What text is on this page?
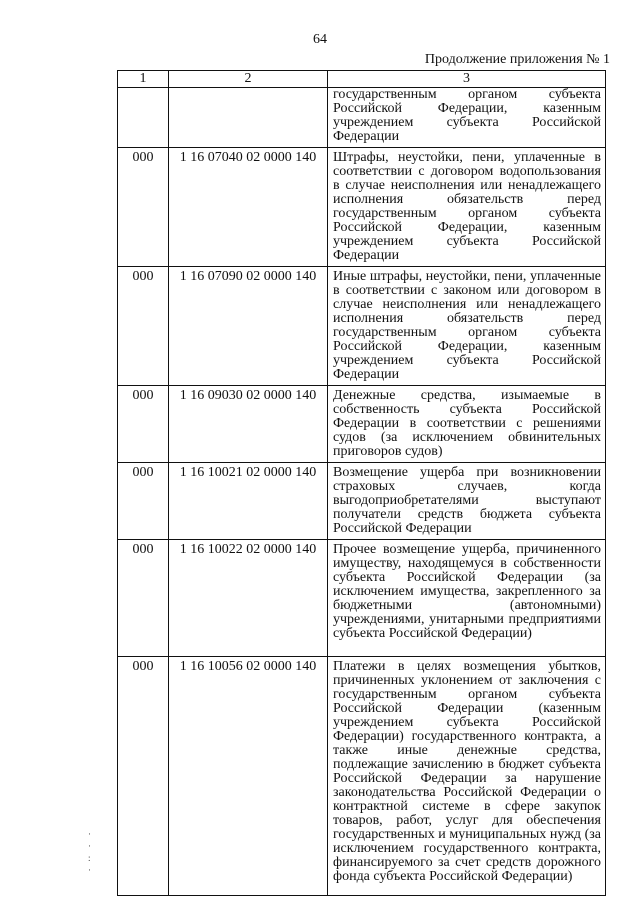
64
Продолжение приложения № 1
1	2	3
		государственным органом субъекта Российской Федерации, казенным учреждением субъекта Российской Федерации
000	1 16 07040 02 0000 140	Штрафы, неустойки, пени, уплаченные в соответствии с договором водопользования в случае неисполнения или ненадлежащего исполнения обязательств перед государственным органом субъекта Российской Федерации, казенным учреждением субъекта Российской Федерации
000	1 16 07090 02 0000 140	Иные штрафы, неустойки, пени, уплаченные в соответствии с законом или договором в случае неисполнения или ненадлежащего исполнения обязательств перед государственным органом субъекта Российской Федерации, казенным учреждением субъекта Российской Федерации
000	1 16 09030 02 0000 140	Денежные средства, изымаемые в собственность субъекта Российской Федерации в соответствии с решениями судов (за исключением обвинительных приговоров судов)
000	1 16 10021 02 0000 140	Возмещение ущерба при возникновении страховых случаев, когда выгодоприобретателями выступают получатели средств бюджета субъекта Российской Федерации
000	1 16 10022 02 0000 140	Прочее возмещение ущерба, причиненного имуществу, находящемуся в собственности субъекта Российской Федерации (за исключением имущества, закрепленного за бюджетными (автономными) учреждениями, унитарными предприятиями субъекта Российской Федерации)
000	1 16 10056 02 0000 140	Платежи в целях возмещения убытков, причиненных уклонением от заключения с государственным органом субъекта Российской Федерации (казенным учреждением субъекта Российской Федерации) государственного контракта, а также иные денежные средства, подлежащие зачислению в бюджет субъекта Российской Федерации за нарушение законодательства Российской Федерации о контрактной системе в сфере закупок товаров, работ, услуг для обеспечения государственных и муниципальных нужд (за исключением государственного контракта, финансируемого за счет средств дорожного фонда субъекта Российской Федерации)
·
·
:
·
